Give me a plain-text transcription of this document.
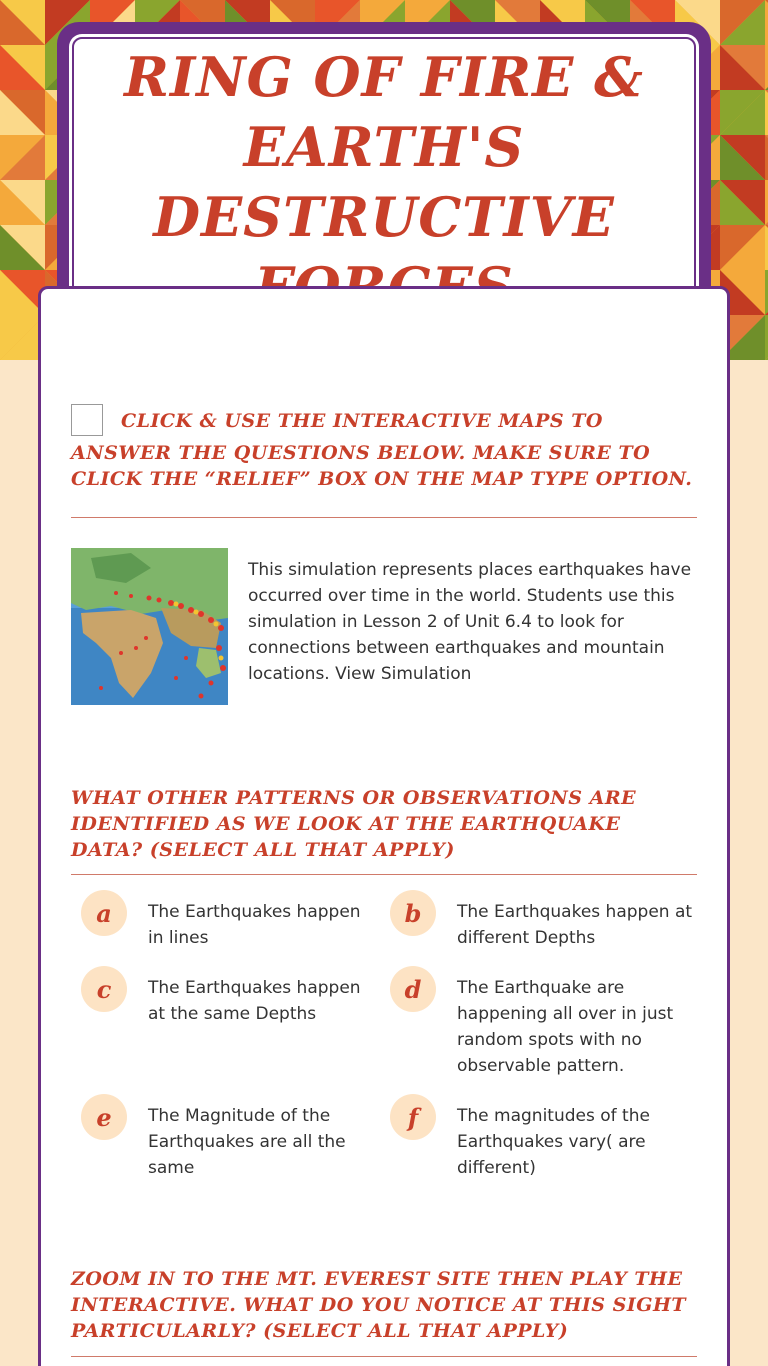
RING OF FIRE & EARTH'S DESTRUCTIVE
CLICK & USE THE INTERACTIVE MAPS TO ANSWER THE QUESTIONS BELOW. MAKE SURE TO CLICK THE “RELIEF” BOX ON THE MAP TYPE OPTION.
This simulation represents places earthquakes have occurred over time in the world. Students use this simulation in Lesson 2 of Unit 6.4 to look for connections between earthquakes and mountain locations. View Simulation
WHAT OTHER PATTERNS OR OBSERVATIONS ARE IDENTIFIED AS WE LOOK AT THE EARTHQUAKE DATA? (SELECT ALL THAT APPLY)
a	The Earthquakes happen in lines
b	The Earthquakes happen at different Depths
c	The Earthquakes happen at the same Depths
d	The Earthquake are happening all over in just random spots with no observable pattern.
e	The Magnitude of the Earthquakes are all the same
f	The magnitudes of the Earthquakes vary( are different)
ZOOM IN TO THE MT. EVEREST SITE THEN PLAY THE INTERACTIVE. WHAT DO YOU NOTICE AT THIS SIGHT PARTICULARLY? (SELECT ALL THAT APPLY)
